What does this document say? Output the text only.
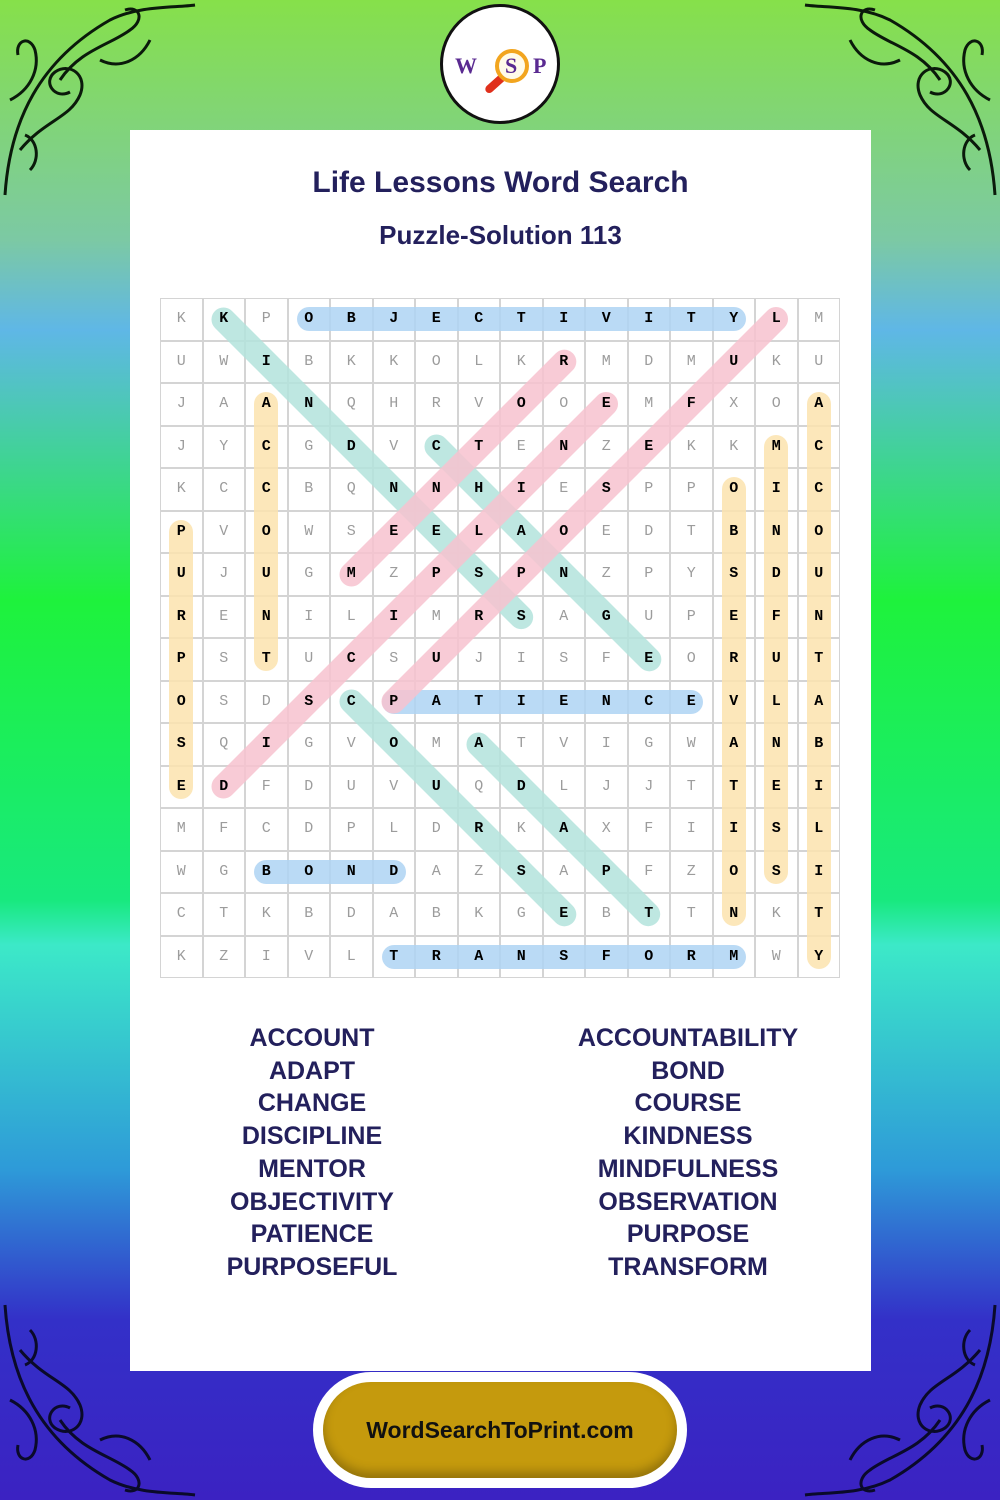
W S P
Life Lessons Word Search
Puzzle-Solution 113
ACCOUNT
ADAPT
CHANGE
DISCIPLINE
MENTOR
OBJECTIVITY
PATIENCE
PURPOSEFUL
ACCOUNTABILITY
BOND
COURSE
KINDNESS
MINDFULNESS
OBSERVATION
PURPOSE
TRANSFORM
K	K	P	O	B	J	E	C	T	I	V	I	T	Y	L	M
U	W	I	B	K	K	O	L	K	R	M	D	M	U	K	U
J	A	A	N	Q	H	R	V	O	O	E	M	F	X	O	A
J	Y	C	G	D	V	C	T	E	N	Z	E	K	K	M	C
K	C	C	B	Q	N	N	H	I	E	S	P	P	O	I	C
P	V	O	W	S	E	E	L	A	O	E	D	T	B	N	O
U	J	U	G	M	Z	P	S	P	N	Z	P	Y	S	D	U
R	E	N	I	L	I	M	R	S	A	G	U	P	E	F	N
P	S	T	U	C	S	U	J	I	S	F	E	O	R	U	T
O	S	D	S	C	P	A	T	I	E	N	C	E	V	L	A
S	Q	I	G	V	O	M	A	T	V	I	G	W	A	N	B
E	D	F	D	U	V	U	Q	D	L	J	J	T	T	E	I
M	F	C	D	P	L	D	R	K	A	X	F	I	I	S	L
W	G	B	O	N	D	A	Z	S	A	P	F	Z	O	S	I
C	T	K	B	D	A	B	K	G	E	B	T	T	N	K	T
K	Z	I	V	L	T	R	A	N	S	F	O	R	M	W	Y
WordSearchToPrint.com
